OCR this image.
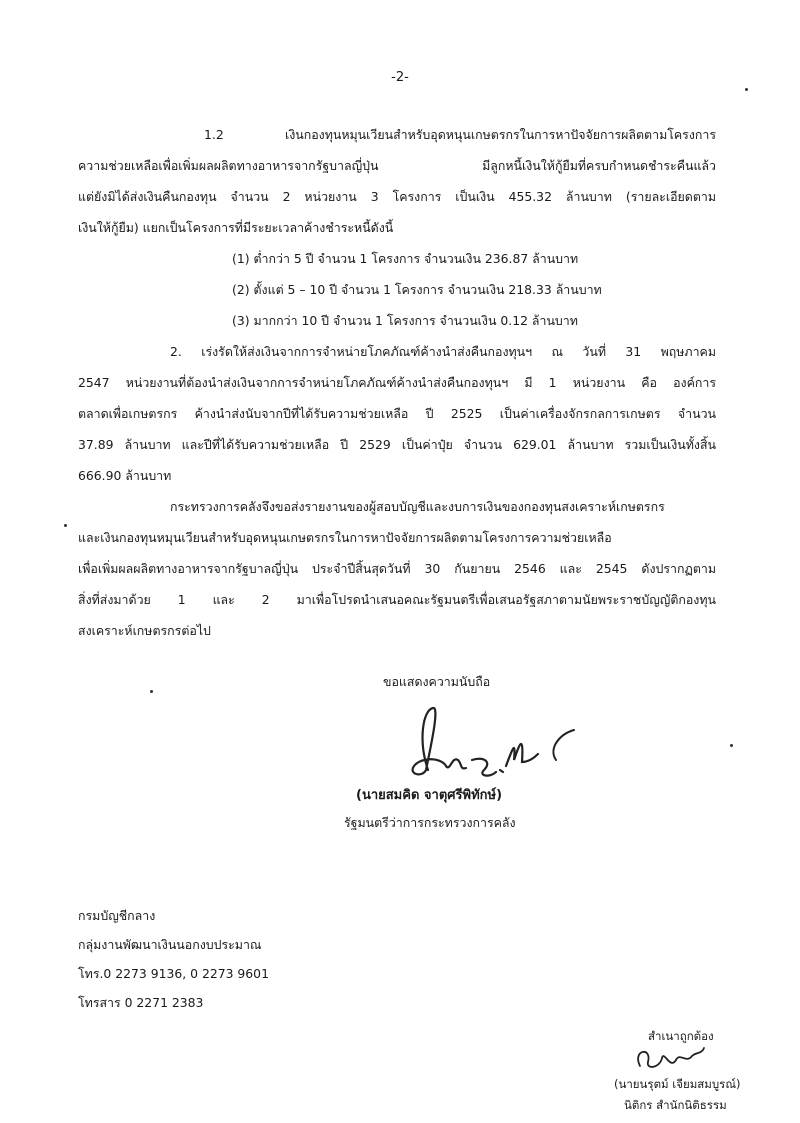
-2-

1.2 เงินกองทุนหมุนเวียนสำหรับอุดหนุนเกษตรกรในการหาปัจจัยการผลิตตามโครงการ

ความช่วยเหลือเพื่อเพิ่มผลผลิตทางอาหารจากรัฐบาลญี่ปุ่น มีลูกหนี้เงินให้กู้ยืมที่ครบกำหนดชำระคืนแล้ว

แต่ยังมิได้ส่งเงินคืนกองทุน จำนวน 2 หน่วยงาน 3 โครงการ เป็นเงิน 455.32 ล้านบาท (รายละเอียดตาม

เงินให้กู้ยืม) แยกเป็นโครงการที่มีระยะเวลาค้างชำระหนี้ดังนี้

(1) ต่ำกว่า 5 ปี จำนวน 1 โครงการ จำนวนเงิน 236.87 ล้านบาท

(2) ตั้งแต่ 5 – 10 ปี จำนวน 1 โครงการ จำนวนเงิน 218.33 ล้านบาท

(3) มากกว่า 10 ปี จำนวน 1 โครงการ จำนวนเงิน 0.12 ล้านบาท

2. เร่งรัดให้ส่งเงินจากการจำหน่ายโภคภัณฑ์ค้างนำส่งคืนกองทุนฯ ณ วันที่ 31 พฤษภาคม

2547 หน่วยงานที่ต้องนำส่งเงินจากการจำหน่ายโภคภัณฑ์ค้างนำส่งคืนกองทุนฯ มี 1 หน่วยงาน คือ องค์การ

ตลาดเพื่อเกษตรกร ค้างนำส่งนับจากปีที่ได้รับความช่วยเหลือ ปี 2525 เป็นค่าเครื่องจักรกลการเกษตร จำนวน

37.89 ล้านบาท และปีที่ได้รับความช่วยเหลือ ปี 2529 เป็นค่าปุ๋ย จำนวน 629.01 ล้านบาท รวมเป็นเงินทั้งสิ้น

666.90 ล้านบาท

กระทรวงการคลังจึงขอส่งรายงานของผู้สอบบัญชีและงบการเงินของกองทุนสงเคราะห์เกษตรกร

และเงินกองทุนหมุนเวียนสำหรับอุดหนุนเกษตรกรในการหาปัจจัยการผลิตตามโครงการความช่วยเหลือ

เพื่อเพิ่มผลผลิตทางอาหารจากรัฐบาลญี่ปุ่น ประจำปีสิ้นสุดวันที่ 30 กันยายน 2546 และ 2545 ดังปรากฏตาม

สิ่งที่ส่งมาด้วย 1 และ 2 มาเพื่อโปรดนำเสนอคณะรัฐมนตรีเพื่อเสนอรัฐสภาตามนัยพระราชบัญญัติกองทุน

สงเคราะห์เกษตรกรต่อไป

ขอแสดงความนับถือ

(นายสมคิด จาตุศรีพิทักษ์)

รัฐมนตรีว่าการกระทรวงการคลัง

กรมบัญชีกลาง

กลุ่มงานพัฒนาเงินนอกงบประมาณ

โทร.0 2273 9136, 0 2273 9601

โทรสาร 0 2271 2383

สำเนาถูกต้อง

(นายนรุตม์ เจียมสมบูรณ์)

นิติกร สำนักนิติธรรม
